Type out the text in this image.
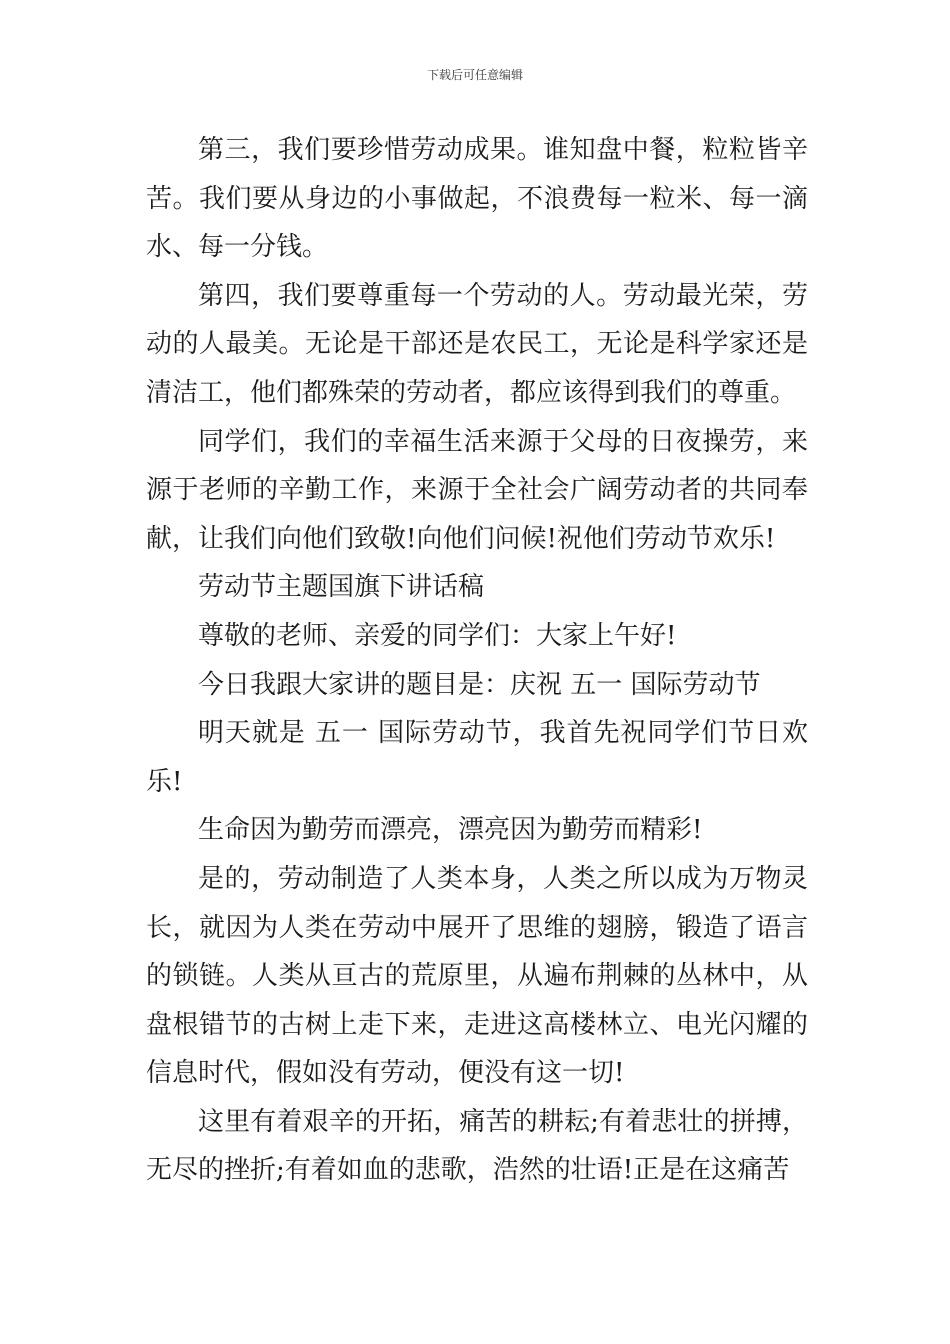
下载后可任意编辑

第三，我们要珍惜劳动成果。谁知盘中餐，粒粒皆辛苦。我们要从身边的小事做起，不浪费每一粒米、每一滴水、每一分钱。

第四，我们要尊重每一个劳动的人。劳动最光荣，劳动的人最美。无论是干部还是农民工，无论是科学家还是清洁工，他们都殊荣的劳动者，都应该得到我们的尊重。

同学们，我们的幸福生活来源于父母的日夜操劳，来源于老师的辛勤工作，来源于全社会广阔劳动者的共同奉献，让我们向他们致敬!向他们问候!祝他们劳动节欢乐!

劳动节主题国旗下讲话稿

尊敬的老师、亲爱的同学们：大家上午好!

今日我跟大家讲的题目是：庆祝 五一 国际劳动节

明天就是 五一 国际劳动节，我首先祝同学们节日欢乐!

生命因为勤劳而漂亮，漂亮因为勤劳而精彩!

是的，劳动制造了人类本身，人类之所以成为万物灵长，就因为人类在劳动中展开了思维的翅膀，锻造了语言的锁链。人类从亘古的荒原里，从遍布荆棘的丛林中，从盘根错节的古树上走下来，走进这高楼林立、电光闪耀的信息时代，假如没有劳动，便没有这一切!

这里有着艰辛的开拓，痛苦的耕耘;有着悲壮的拼搏，无尽的挫折;有着如血的悲歌，浩然的壮语!正是在这痛苦
